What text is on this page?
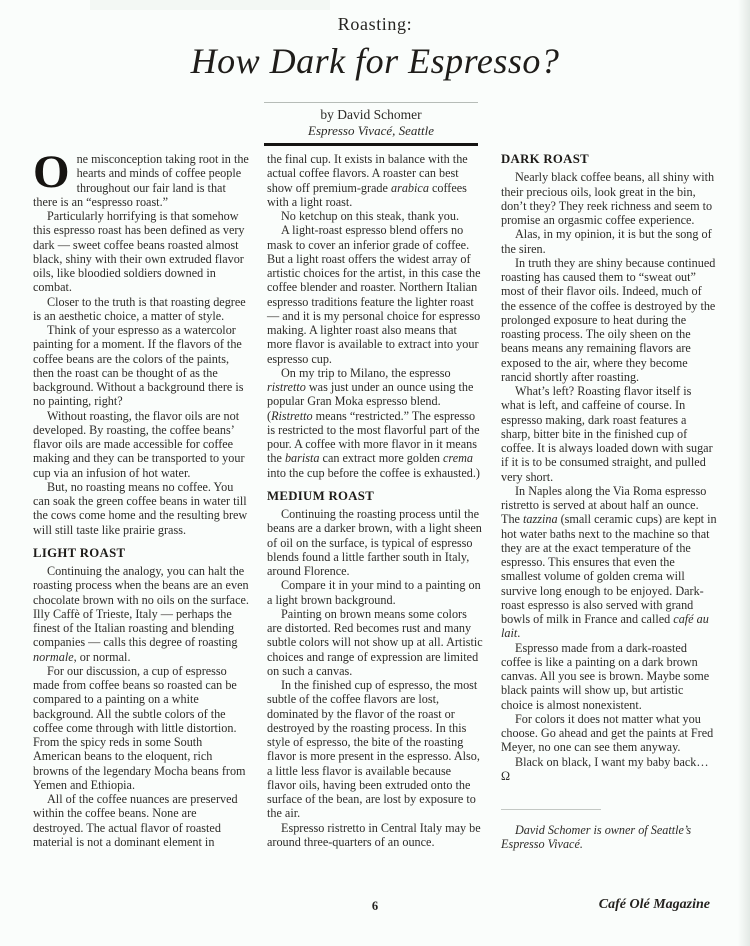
Roasting:
How Dark for Espresso?
by David Schomer
Espresso Vivacé, Seattle

One misconception taking root in the hearts and minds of coffee people throughout our fair land is that there is an “espresso roast.”

Particularly horrifying is that somehow this espresso roast has been defined as very dark — sweet coffee beans roasted almost black, shiny with their own extruded flavor oils, like bloodied soldiers downed in combat.

Closer to the truth is that roasting degree is an aesthetic choice, a matter of style.

Think of your espresso as a watercolor painting for a moment. If the flavors of the coffee beans are the colors of the paints, then the roast can be thought of as the background. Without a background there is no painting, right?

Without roasting, the flavor oils are not developed. By roasting, the coffee beans’ flavor oils are made accessible for coffee making and they can be transported to your cup via an infusion of hot water.

But, no roasting means no coffee. You can soak the green coffee beans in water till the cows come home and the resulting brew will still taste like prairie grass.

LIGHT ROAST

Continuing the analogy, you can halt the roasting process when the beans are an even chocolate brown with no oils on the surface. Illy Caffè of Trieste, Italy — perhaps the finest of the Italian roasting and blending companies — calls this degree of roasting normale, or normal.

For our discussion, a cup of espresso made from coffee beans so roasted can be compared to a painting on a white background. All the subtle colors of the coffee come through with little distortion. From the spicy reds in some South American beans to the eloquent, rich browns of the legendary Mocha beans from Yemen and Ethiopia.

All of the coffee nuances are preserved within the coffee beans. None are destroyed. The actual flavor of roasted material is not a dominant element in

the final cup. It exists in balance with the actual coffee flavors. A roaster can best show off premium-grade arabica coffees with a light roast.

No ketchup on this steak, thank you.

A light-roast espresso blend offers no mask to cover an inferior grade of coffee. But a light roast offers the widest array of artistic choices for the artist, in this case the coffee blender and roaster. Northern Italian espresso traditions feature the lighter roast — and it is my personal choice for espresso making. A lighter roast also means that more flavor is available to extract into your espresso cup.

On my trip to Milano, the espresso ristretto was just under an ounce using the popular Gran Moka espresso blend. (Ristretto means “restricted.” The espresso is restricted to the most flavorful part of the pour. A coffee with more flavor in it means the barista can extract more golden crema into the cup before the coffee is exhausted.)

MEDIUM ROAST

Continuing the roasting process until the beans are a darker brown, with a light sheen of oil on the surface, is typical of espresso blends found a little farther south in Italy, around Florence.

Compare it in your mind to a painting on a light brown background.

Painting on brown means some colors are distorted. Red becomes rust and many subtle colors will not show up at all. Artistic choices and range of expression are limited on such a canvas.

In the finished cup of espresso, the most subtle of the coffee flavors are lost, dominated by the flavor of the roast or destroyed by the roasting process. In this style of espresso, the bite of the roasting flavor is more present in the espresso. Also, a little less flavor is available because flavor oils, having been extruded onto the surface of the bean, are lost by exposure to the air.

Espresso ristretto in Central Italy may be around three-quarters of an ounce.

DARK ROAST

Nearly black coffee beans, all shiny with their precious oils, look great in the bin, don’t they? They reek richness and seem to promise an orgasmic coffee experience.

Alas, in my opinion, it is but the song of the siren.

In truth they are shiny because continued roasting has caused them to “sweat out” most of their flavor oils. Indeed, much of the essence of the coffee is destroyed by the prolonged exposure to heat during the roasting process. The oily sheen on the beans means any remaining flavors are exposed to the air, where they become rancid shortly after roasting.

What’s left? Roasting flavor itself is what is left, and caffeine of course. In espresso making, dark roast features a sharp, bitter bite in the finished cup of coffee. It is always loaded down with sugar if it is to be consumed straight, and pulled very short.

In Naples along the Via Roma espresso ristretto is served at about half an ounce. The tazzina (small ceramic cups) are kept in hot water baths next to the machine so that they are at the exact temperature of the espresso. This ensures that even the smallest volume of golden crema will survive long enough to be enjoyed. Dark-roast espresso is also served with grand bowls of milk in France and called café au lait.

Espresso made from a dark-roasted coffee is like a painting on a dark brown canvas. All you see is brown. Maybe some black paints will show up, but artistic choice is almost nonexistent.

For colors it does not matter what you choose. Go ahead and get the paints at Fred Meyer, no one can see them anyway.

Black on black, I want my baby back… Ω

David Schomer is owner of Seattle’s Espresso Vivacé.

6	Café Olé Magazine
